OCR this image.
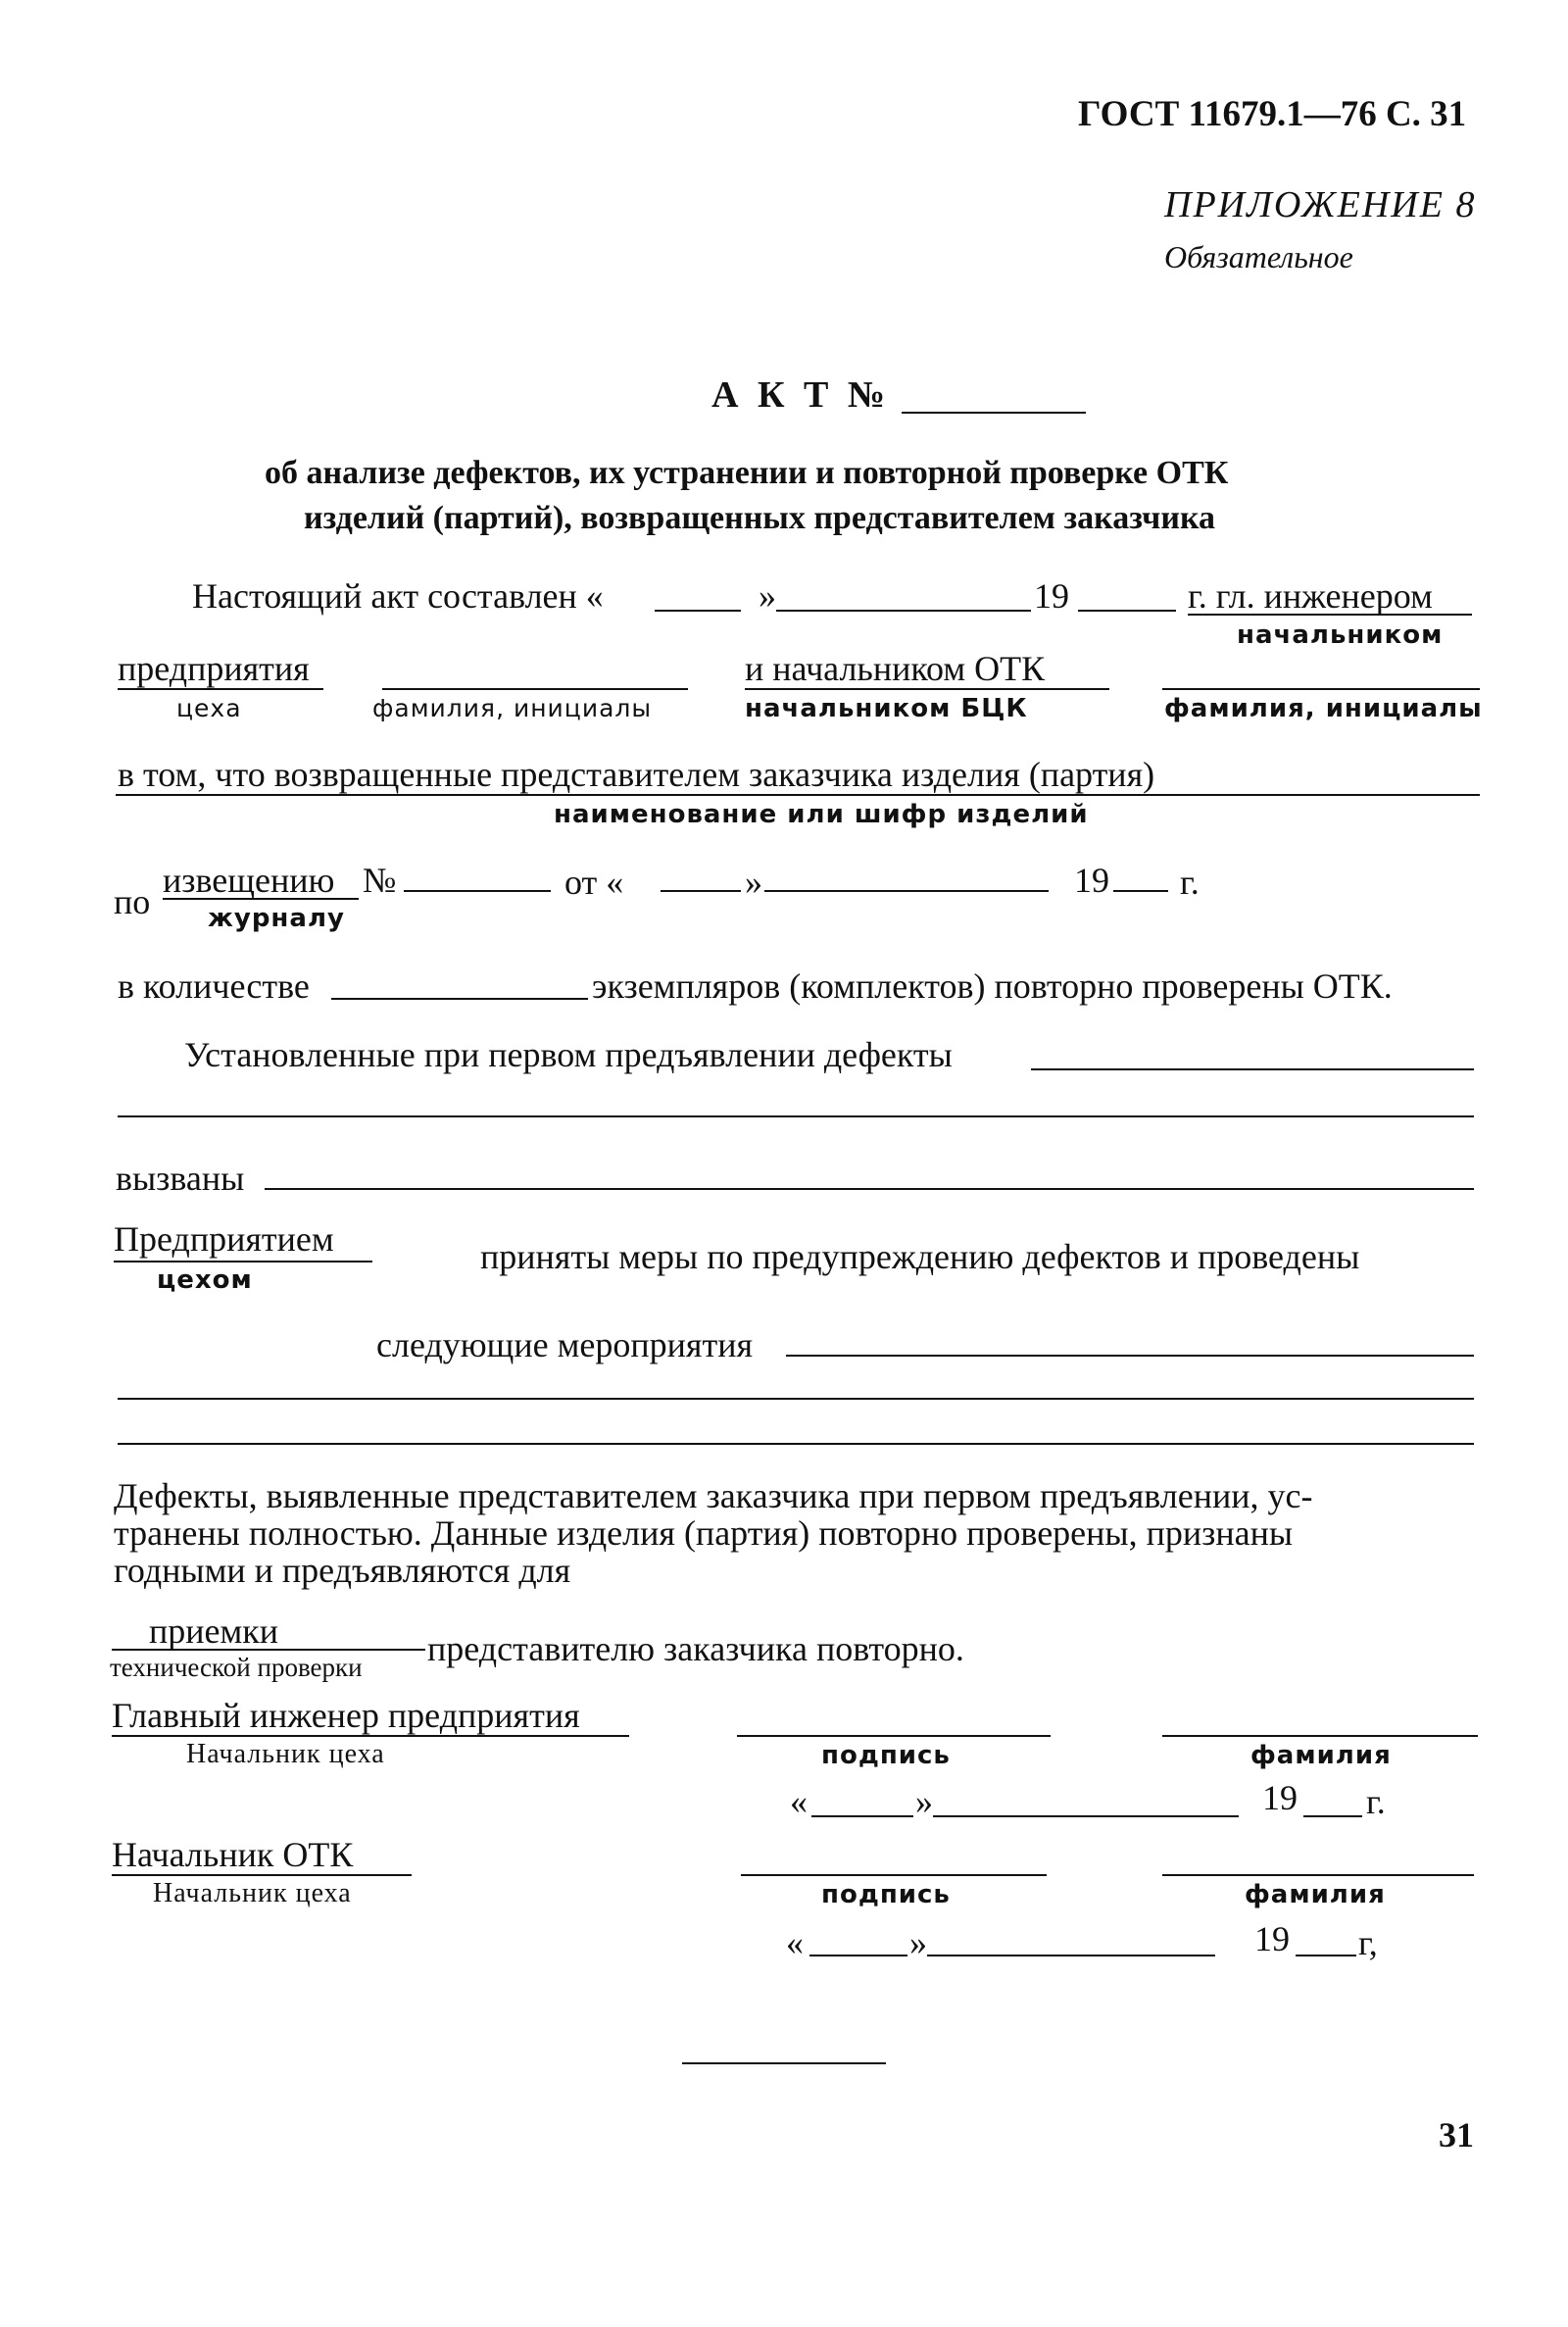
ГОСТ 11679.1—76 С. 31
ПРИЛОЖЕНИЕ 8
Обязательное
А К Т №
об анализе дефектов, их устранении и повторной проверке ОТК
изделий (партий), возвращенных представителем заказчика
Настоящий акт составлен «	»	19	г. гл. инженером
начальником
предприятия
цеха	фамилия, инициалы
и начальником ОТК
начальником БЦК	фамилия, инициалы
в том, что возвращенные представителем заказчика изделия (партия)
наименование или шифр изделий
по
извещению
журналу
№	от «	»	19 г.
в количестве	экземпляров (комплектов) повторно проверены ОТК.
Установленные при первом предъявлении дефекты
вызваны
Предприятием
цехом
приняты меры по предупреждению дефектов и проведены
следующие мероприятия
Дефекты, выявленные представителем заказчика при первом предъявлении, ус-
транены полностью. Данные изделия (партия) повторно проверены, признаны
годными и предъявляются для
приемки
технической проверки представителю заказчика повторно.
Главный инженер предприятия
Начальник цеха	подпись	фамилия
«	»	19 г.
Начальник ОТК
Начальник цеха	подпись	фамилия
«	»	19 г,
31
